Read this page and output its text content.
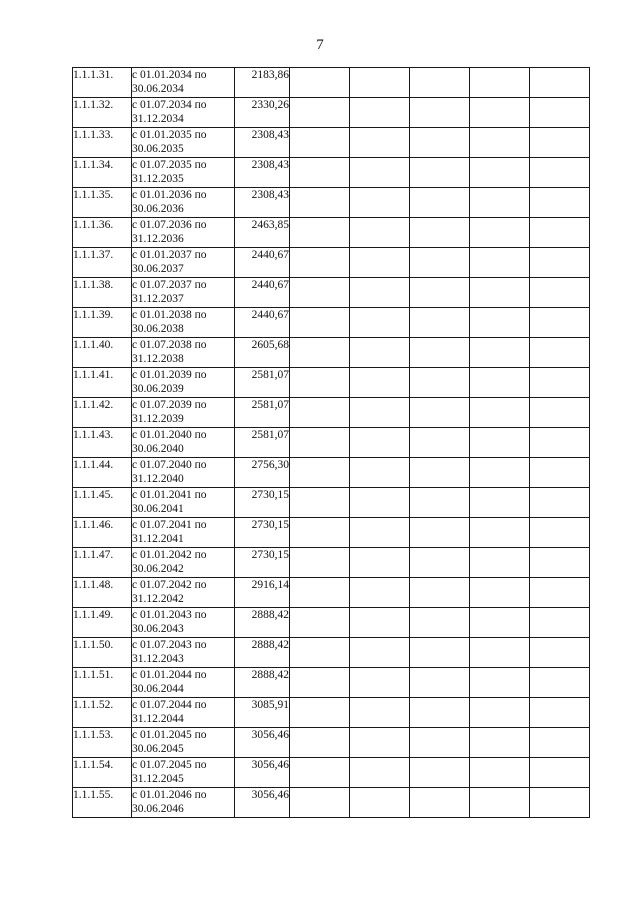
7
1.1.1.31.	с 01.01.2034 по
30.06.2034	2183,86					
1.1.1.32.	с 01.07.2034 по
31.12.2034	2330,26					
1.1.1.33.	с 01.01.2035 по
30.06.2035	2308,43					
1.1.1.34.	с 01.07.2035 по
31.12.2035	2308,43					
1.1.1.35.	с 01.01.2036 по
30.06.2036	2308,43					
1.1.1.36.	с 01.07.2036 по
31.12.2036	2463,85					
1.1.1.37.	с 01.01.2037 по
30.06.2037	2440,67					
1.1.1.38.	с 01.07.2037 по
31.12.2037	2440,67					
1.1.1.39.	с 01.01.2038 по
30.06.2038	2440,67					
1.1.1.40.	с 01.07.2038 по
31.12.2038	2605,68					
1.1.1.41.	с 01.01.2039 по
30.06.2039	2581,07					
1.1.1.42.	с 01.07.2039 по
31.12.2039	2581,07					
1.1.1.43.	с 01.01.2040 по
30.06.2040	2581,07					
1.1.1.44.	с 01.07.2040 по
31.12.2040	2756,30					
1.1.1.45.	с 01.01.2041 по
30.06.2041	2730,15					
1.1.1.46.	с 01.07.2041 по
31.12.2041	2730,15					
1.1.1.47.	с 01.01.2042 по
30.06.2042	2730,15					
1.1.1.48.	с 01.07.2042 по
31.12.2042	2916,14					
1.1.1.49.	с 01.01.2043 по
30.06.2043	2888,42					
1.1.1.50.	с 01.07.2043 по
31.12.2043	2888,42					
1.1.1.51.	с 01.01.2044 по
30.06.2044	2888,42					
1.1.1.52.	с 01.07.2044 по
31.12.2044	3085,91					
1.1.1.53.	с 01.01.2045 по
30.06.2045	3056,46					
1.1.1.54.	с 01.07.2045 по
31.12.2045	3056,46					
1.1.1.55.	с 01.01.2046 по
30.06.2046	3056,46					
